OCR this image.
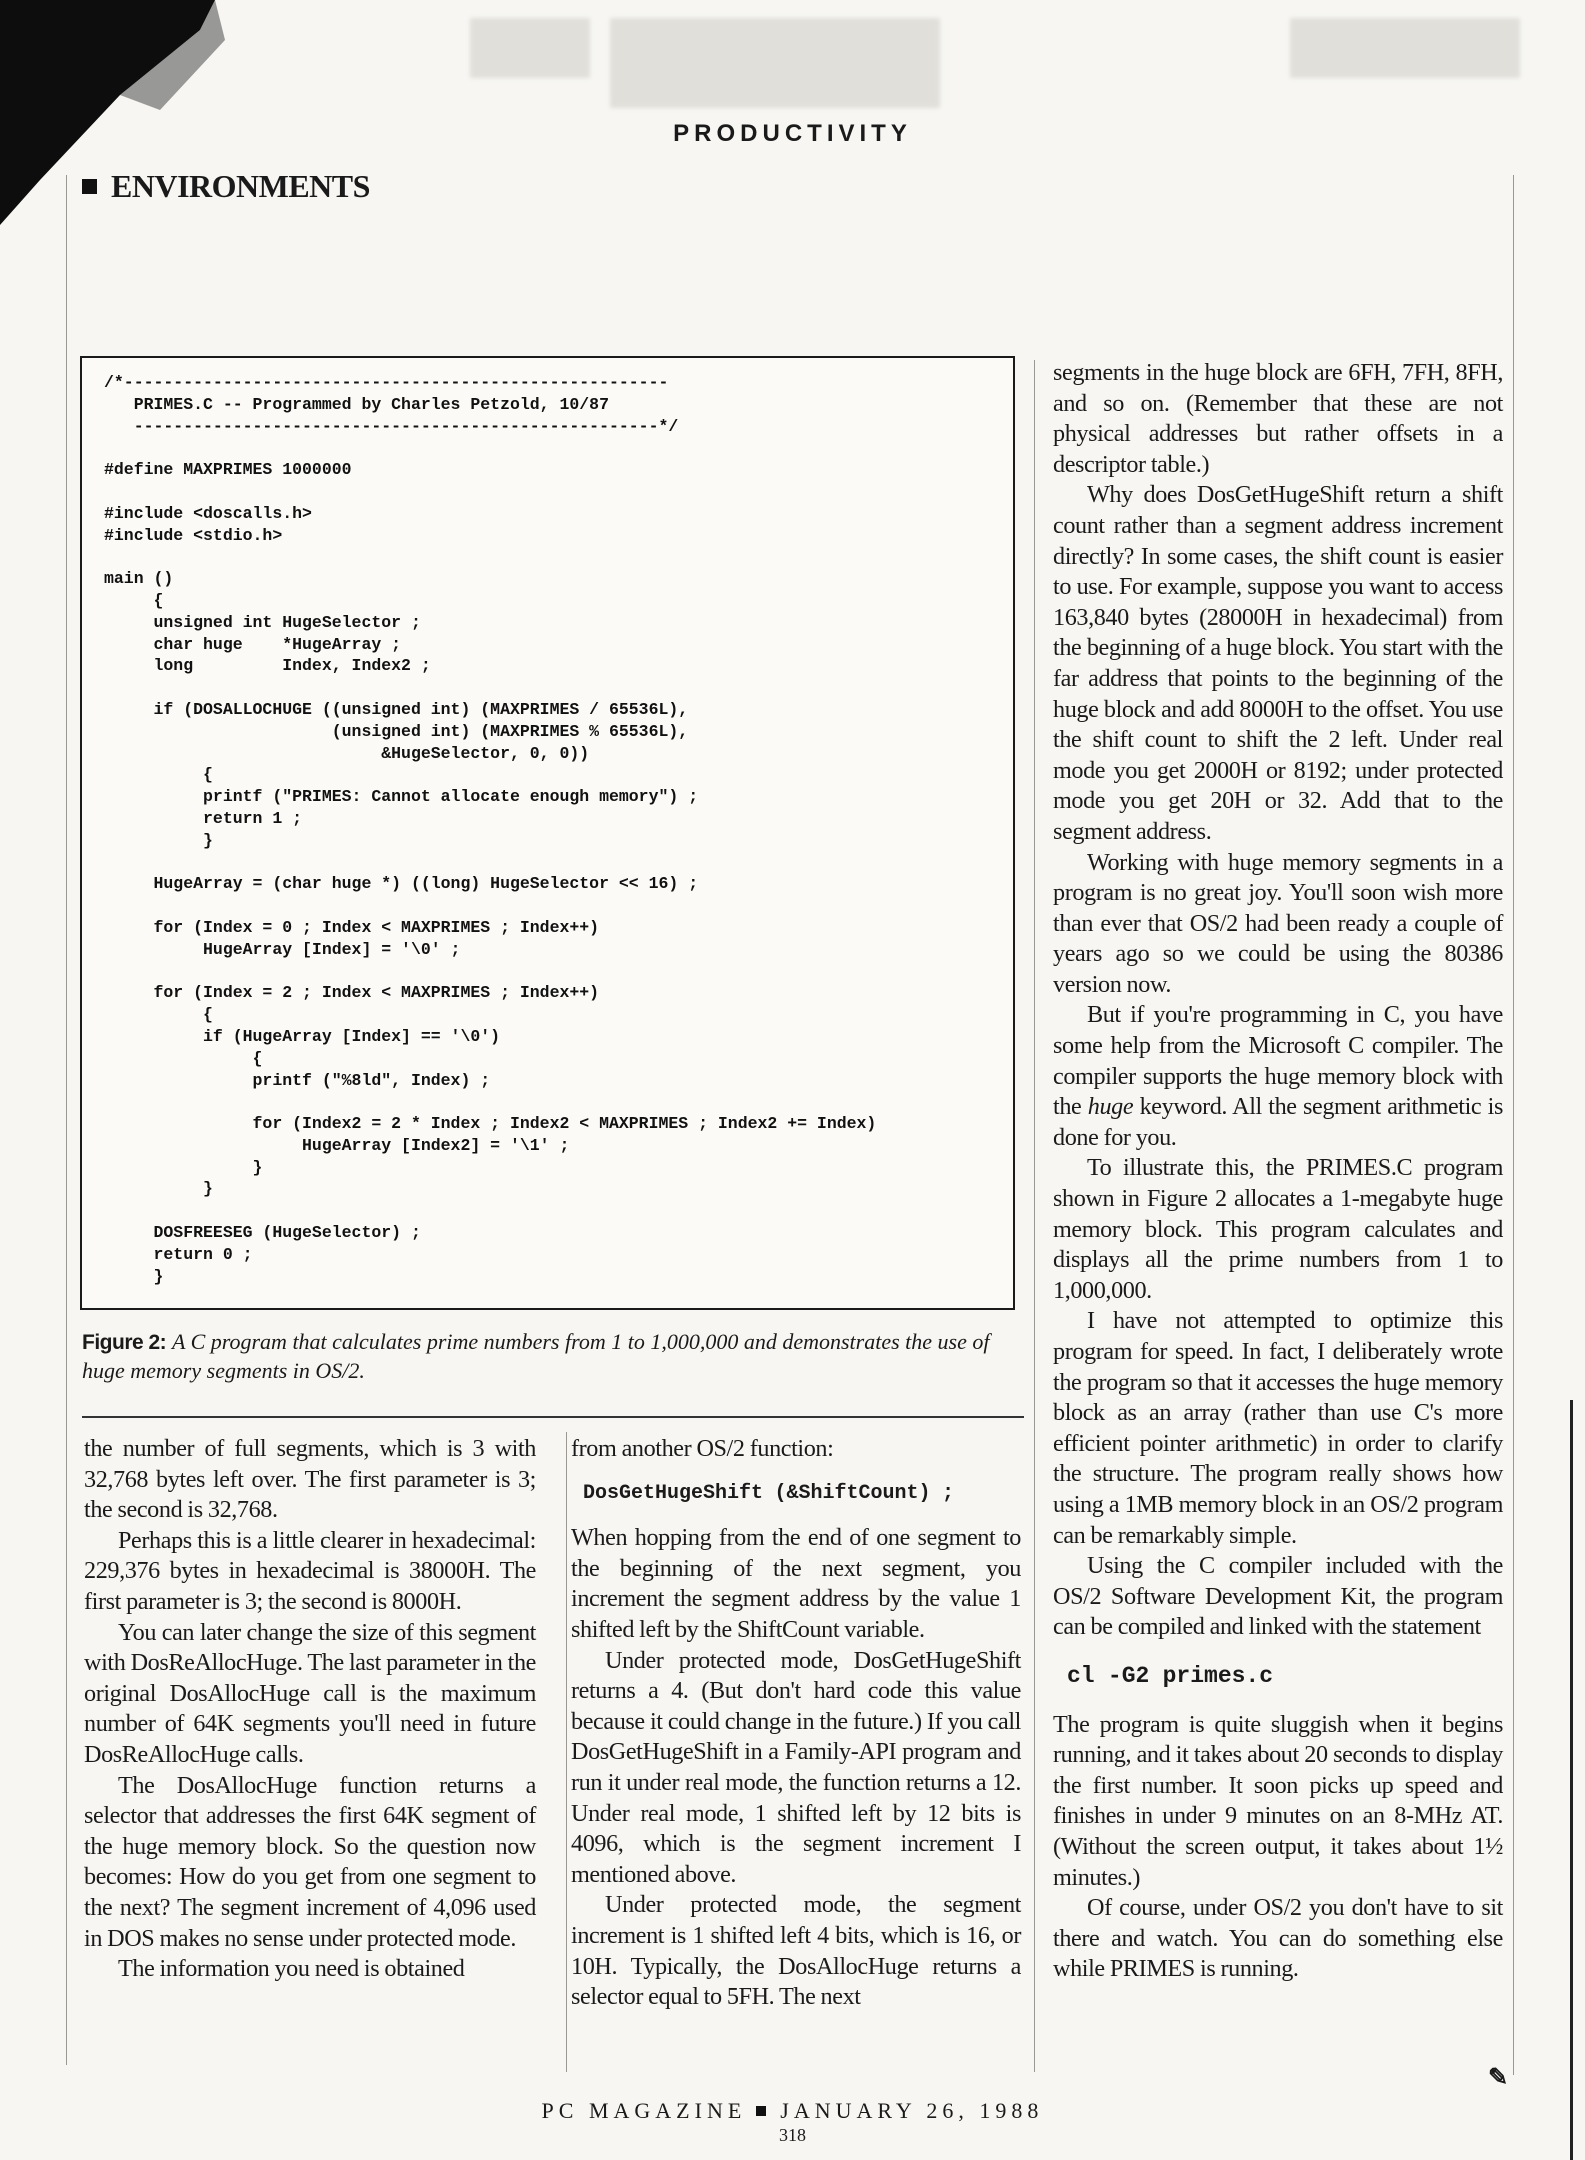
PRODUCTIVITY
ENVIRONMENTS
/*-------------------------------------------------------
PRIMES.C -- Programmed by Charles Petzold, 10/87
-----------------------------------------------------*/

#define MAXPRIMES 1000000

#include <doscalls.h>
#include <stdio.h>

main ()
{
unsigned int HugeSelector ;
char huge    *HugeArray ;
long         Index, Index2 ;

if (DOSALLOCHUGE ((unsigned int) (MAXPRIMES / 65536L),
(unsigned int) (MAXPRIMES % 65536L),
&HugeSelector, 0, 0))
{
printf ("PRIMES: Cannot allocate enough memory") ;
return 1 ;
}

HugeArray = (char huge *) ((long) HugeSelector << 16) ;

for (Index = 0 ; Index < MAXPRIMES ; Index++)
HugeArray [Index] = '\0' ;

for (Index = 2 ; Index < MAXPRIMES ; Index++)
{
if (HugeArray [Index] == '\0')
{
printf ("%8ld", Index) ;

for (Index2 = 2 * Index ; Index2 < MAXPRIMES ; Index2 += Index)
HugeArray [Index2] = '\1' ;
}
}

DOSFREESEG (HugeSelector) ;
return 0 ;
}
Figure 2: A C program that calculates prime numbers from 1 to 1,000,000 and demonstrates the use of huge memory segments in OS/2.

the number of full segments, which is 3 with 32,768 bytes left over. The first parameter is 3; the second is 32,768.

Perhaps this is a little clearer in hexadecimal: 229,376 bytes in hexadecimal is 38000H. The first parameter is 3; the second is 8000H.

You can later change the size of this segment with DosReAllocHuge. The last parameter in the original DosAllocHuge call is the maximum number of 64K segments you'll need in future DosReAllocHuge calls.

The DosAllocHuge function returns a selector that addresses the first 64K segment of the huge memory block. So the question now becomes: How do you get from one segment to the next? The segment increment of 4,096 used in DOS makes no sense under protected mode.

The information you need is obtained

from another OS/2 function:

DosGetHugeShift (&ShiftCount) ;

When hopping from the end of one segment to the beginning of the next segment, you increment the segment address by the value 1 shifted left by the ShiftCount variable.

Under protected mode, DosGetHugeShift returns a 4. (But don't hard code this value because it could change in the future.) If you call DosGetHugeShift in a Family-API program and run it under real mode, the function returns a 12. Under real mode, 1 shifted left by 12 bits is 4096, which is the segment increment I mentioned above.

Under protected mode, the segment increment is 1 shifted left 4 bits, which is 16, or 10H. Typically, the DosAllocHuge returns a selector equal to 5FH. The next

segments in the huge block are 6FH, 7FH, 8FH, and so on. (Remember that these are not physical addresses but rather offsets in a descriptor table.)

Why does DosGetHugeShift return a shift count rather than a segment address increment directly? In some cases, the shift count is easier to use. For example, suppose you want to access 163,840 bytes (28000H in hexadecimal) from the beginning of a huge block. You start with the far address that points to the beginning of the huge block and add 8000H to the offset. You use the shift count to shift the 2 left. Under real mode you get 2000H or 8192; under protected mode you get 20H or 32. Add that to the segment address.

Working with huge memory segments in a program is no great joy. You'll soon wish more than ever that OS/2 had been ready a couple of years ago so we could be using the 80386 version now.

But if you're programming in C, you have some help from the Microsoft C compiler. The compiler supports the huge memory block with the huge keyword. All the segment arithmetic is done for you.

To illustrate this, the PRIMES.C program shown in Figure 2 allocates a 1-megabyte huge memory block. This program calculates and displays all the prime numbers from 1 to 1,000,000.

I have not attempted to optimize this program for speed. In fact, I deliberately wrote the program so that it accesses the huge memory block as an array (rather than use C's more efficient pointer arithmetic) in order to clarify the structure. The program really shows how using a 1MB memory block in an OS/2 program can be remarkably simple.

Using the C compiler included with the OS/2 Software Development Kit, the program can be compiled and linked with the statement

cl -G2 primes.c

The program is quite sluggish when it begins running, and it takes about 20 seconds to display the first number. It soon picks up speed and finishes in under 9 minutes on an 8-MHz AT. (Without the screen output, it takes about 1½ minutes.)

Of course, under OS/2 you don't have to sit there and watch. You can do something else while PRIMES is running.

✎
PC MAGAZINE JANUARY 26, 1988
318
